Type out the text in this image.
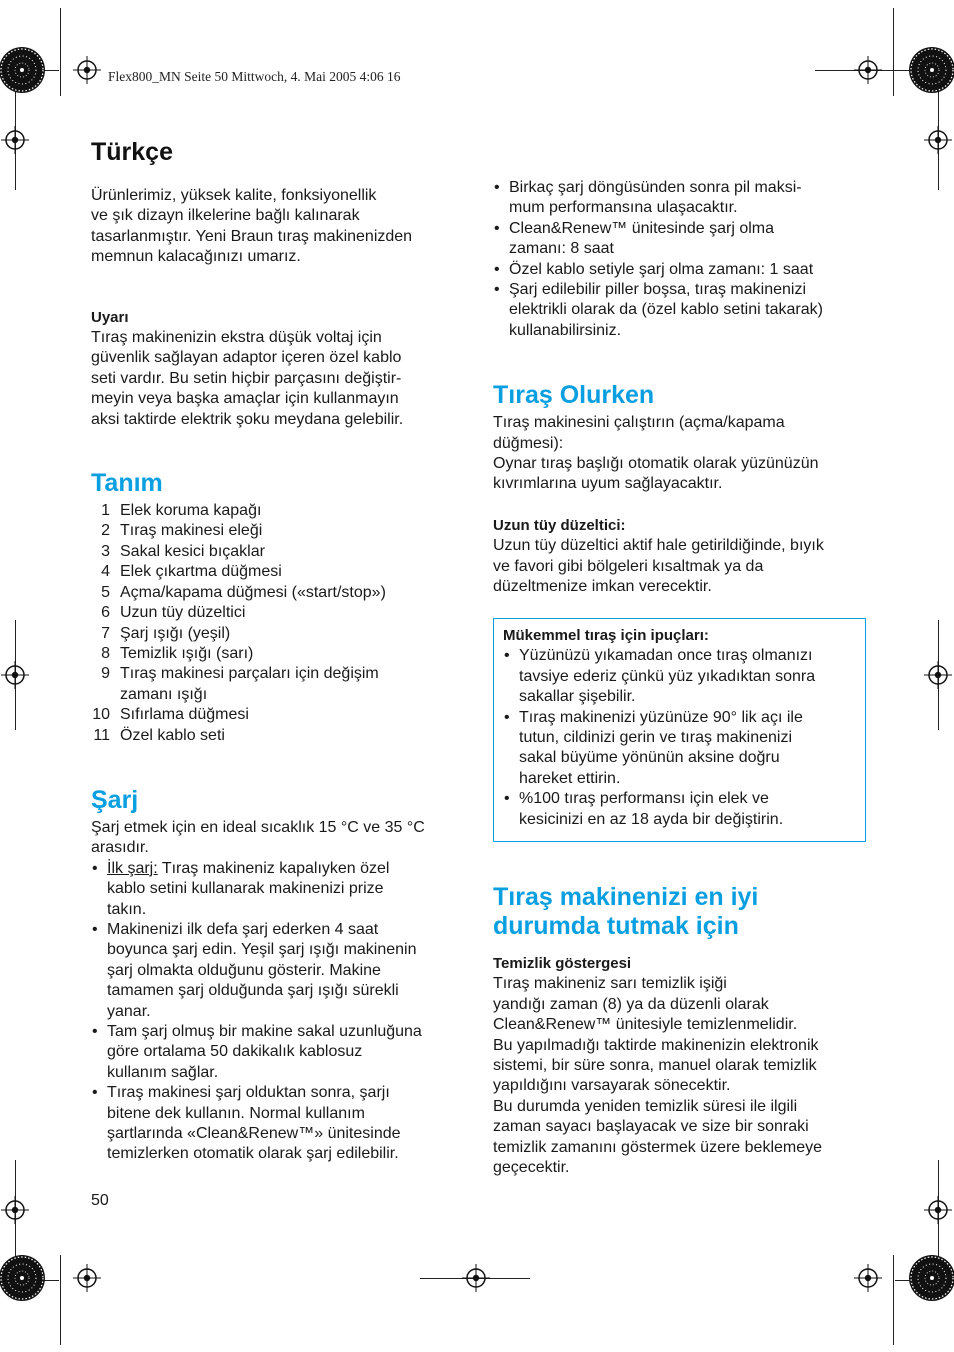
Flex800_MN Seite 50 Mittwoch, 4. Mai 2005 4:06 16
Türkçe

Ürünlerimiz, yüksek kalite, fonksiyonellik
ve şık dizayn ilkelerine bağlı kalınarak
tasarlanmıştır. Yeni Braun tıraş makinenizden
memnun kalacağınızı umarız.

Uyarı

Tıraş makinenizin ekstra düşük voltaj için
güvenlik sağlayan adaptor içeren özel kablo
seti vardır. Bu setin hiçbir parçasını değiştir-
meyin veya başka amaçlar için kullanmayın
aksi taktirde elektrik şoku meydana gelebilir.

Tanım
1 Elek koruma kapağı
2 Tıraş makinesi eleği
3 Sakal kesici bıçaklar
4 Elek çıkartma düğmesi
5 Açma/kapama düğmesi («start/stop»)
6 Uzun tüy düzeltici
7 Şarj ışığı (yeşil)
8 Temizlik ışığı (sarı)
9 Tıraş makinesi parçaları için değişim
zamanı ışığı
10 Sıfırlama düğmesi
11 Özel kablo seti
Şarj

Şarj etmek için en ideal sıcaklık 15 °C ve 35 °C
arasıdır.

• İlk şarj: Tıraş makineniz kapalıyken özel
kablo setini kullanarak makinenizi prize
takın.
• Makinenizi ilk defa şarj ederken 4 saat
boyunca şarj edin. Yeşil şarj ışığı makinenin
şarj olmakta olduğunu gösterir. Makine
tamamen şarj olduğunda şarj ışığı sürekli
yanar.
• Tam şarj olmuş bir makine sakal uzunluğuna
göre ortalama 50 dakikalık kablosuz
kullanım sağlar.
• Tıraş makinesi şarj olduktan sonra, şarjı
bitene dek kullanın. Normal kullanım
şartlarında «Clean&Renew™» ünitesinde
temizlerken otomatik olarak şarj edilebilir.
50
• Birkaç şarj döngüsünden sonra pil maksi-
mum performansına ulaşacaktır.
• Clean&Renew™ ünitesinde şarj olma
zamanı: 8 saat
• Özel kablo setiyle şarj olma zamanı: 1 saat
• Şarj edilebilir piller boşsa, tıraş makinenizi
elektrikli olarak da (özel kablo setini takarak)
kullanabilirsiniz.
Tıraş Olurken

Tıraş makinesini çalıştırın (açma/kapama
düğmesi):
Oynar tıraş başlığı otomatik olarak yüzünüzün
kıvrımlarına uyum sağlayacaktır.

Uzun tüy düzeltici:

Uzun tüy düzeltici aktif hale getirildiğinde, bıyık
ve favori gibi bölgeleri kısaltmak ya da
düzeltmenize imkan verecektir.

Mükemmel tıraş için ipuçları:

• Yüzünüzü yıkamadan once tıraş olmanızı
tavsiye ederiz çünkü yüz yıkadıktan sonra
sakallar şişebilir.
• Tıraş makinenizi yüzünüze 90° lik açı ile
tutun, cildinizi gerin ve tıraş makinenizi
sakal büyüme yönünün aksine doğru
hareket ettirin.
• %100 tıraş performansı için elek ve
kesicinizi en az 18 ayda bir değiştirin.
Tıraş makinenizi en iyi
durumda tutmak için

Temizlik göstergesi

Tıraş makineniz sarı temizlik işiği
yandığı zaman (8) ya da düzenli olarak
Clean&Renew™ ünitesiyle temizlenmelidir.
Bu yapılmadığı taktirde makinenizin elektronik
sistemi, bir süre sonra, manuel olarak temizlik
yapıldığını varsayarak sönecektir.
Bu durumda yeniden temizlik süresi ile ilgili
zaman sayacı başlayacak ve size bir sonraki
temizlik zamanını göstermek üzere beklemeye
geçecektir.
